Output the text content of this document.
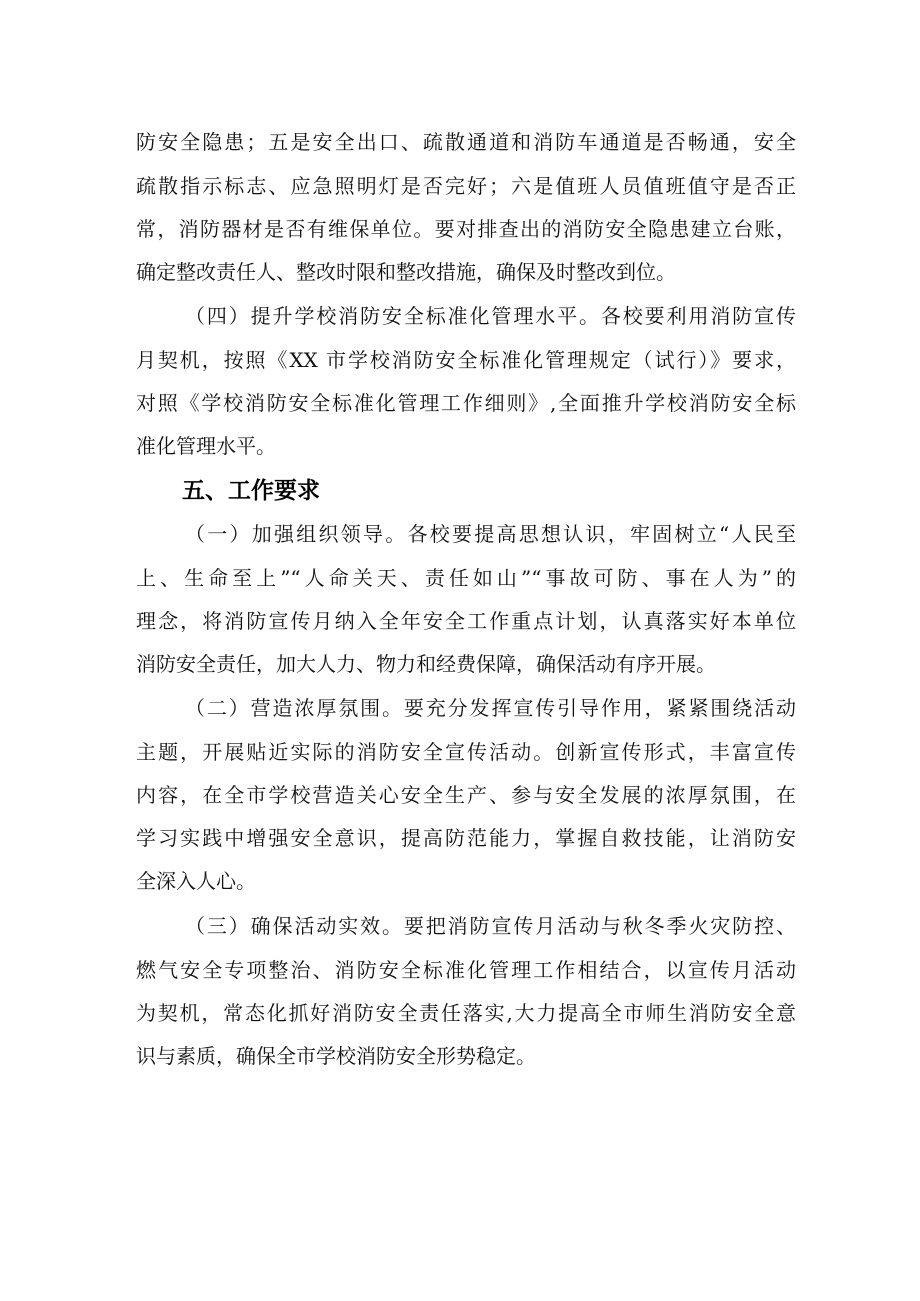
防安全隐患；五是安全出口、疏散通道和消防车通道是否畅通，安全
疏散指示标志、应急照明灯是否完好；六是值班人员值班值守是否正
常，消防器材是否有维保单位。要对排查出的消防安全隐患建立台账，
确定整改责任人、整改时限和整改措施，确保及时整改到位。
（四）提升学校消防安全标准化管理水平。各校要利用消防宣传
月契机，按照《XX 市学校消防安全标准化管理规定（试行）》要求，
对照《学校消防安全标准化管理工作细则》,全面推升学校消防安全标
准化管理水平。
五、工作要求
（一）加强组织领导。各校要提高思想认识，牢固树立“人民至
上、生命至上”“人命关天、责任如山”“事故可防、事在人为”的
理念，将消防宣传月纳入全年安全工作重点计划，认真落实好本单位
消防安全责任，加大人力、物力和经费保障，确保活动有序开展。
（二）营造浓厚氛围。要充分发挥宣传引导作用，紧紧围绕活动
主题，开展贴近实际的消防安全宣传活动。创新宣传形式，丰富宣传
内容，在全市学校营造关心安全生产、参与安全发展的浓厚氛围，在
学习实践中增强安全意识，提高防范能力，掌握自救技能，让消防安
全深入人心。
（三）确保活动实效。要把消防宣传月活动与秋冬季火灾防控、
燃气安全专项整治、消防安全标准化管理工作相结合，以宣传月活动
为契机，常态化抓好消防安全责任落实,大力提高全市师生消防安全意
识与素质，确保全市学校消防安全形势稳定。
